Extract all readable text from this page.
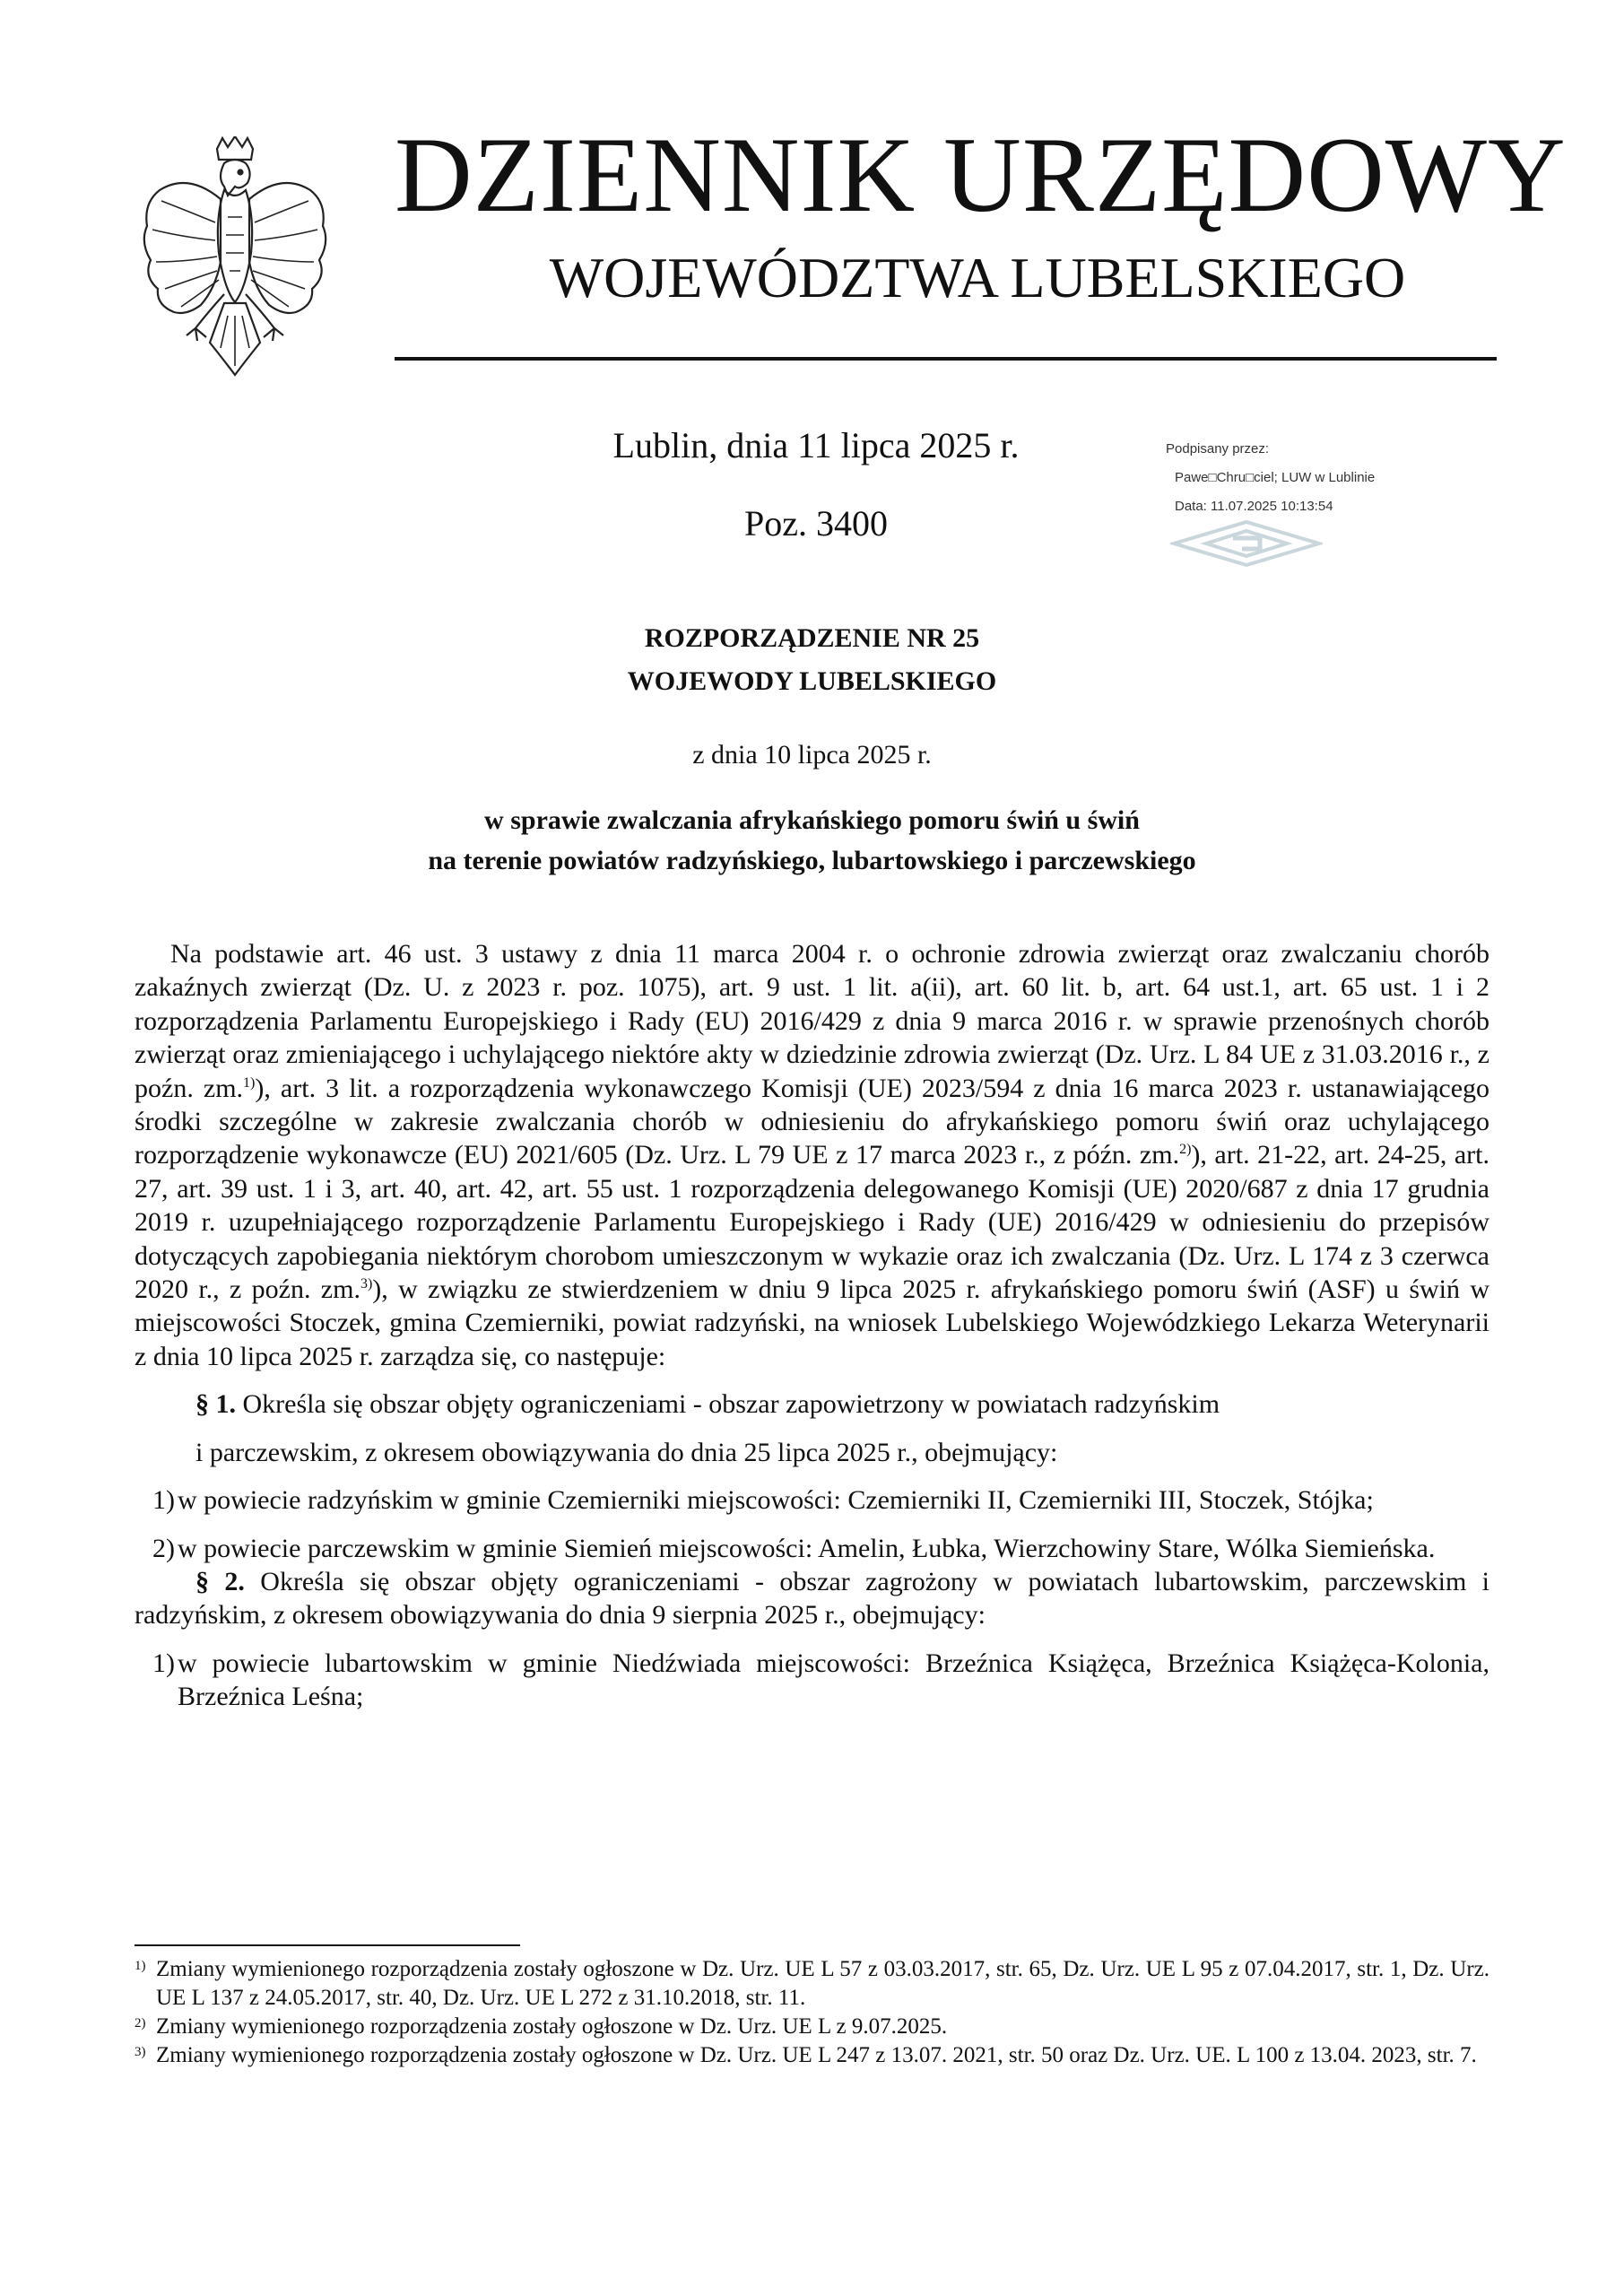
DZIENNIK URZĘDOWY
WOJEWÓDZTWA LUBELSKIEGO
Lublin, dnia 11 lipca 2025 r.
Poz. 3400
Podpisany przez:
Pawe□Chru□ciel; LUW w Lublinie
Data: 11.07.2025 10:13:54
ROZPORZĄDZENIE NR 25
WOJEWODY LUBELSKIEGO
z dnia 10 lipca 2025 r.
w sprawie zwalczania afrykańskiego pomoru świń u świń
na terenie powiatów radzyńskiego, lubartowskiego i parczewskiego

Na podstawie art. 46 ust. 3 ustawy z dnia 11 marca 2004 r. o ochronie zdrowia zwierząt oraz zwalczaniu chorób zakaźnych zwierząt (Dz. U. z 2023 r. poz. 1075), art. 9 ust. 1 lit. a(ii), art. 60 lit. b, art. 64 ust.1, art. 65 ust. 1 i 2 rozporządzenia Parlamentu Europejskiego i Rady (EU) 2016/429 z dnia 9 marca 2016 r. w sprawie przenośnych chorób zwierząt oraz zmieniającego i uchylającego niektóre akty w dziedzinie zdrowia zwierząt (Dz. Urz. L 84 UE z 31.03.2016 r., z poźn. zm.$^{1)}$), art. 3 lit. a rozporządzenia wykonawczego Komisji (UE) 2023/594 z dnia 16 marca 2023 r. ustanawiającego środki szczególne w zakresie zwalczania chorób w odniesieniu do afrykańskiego pomoru świń oraz uchylającego rozporządzenie wykonawcze (EU) 2021/605 (Dz. Urz. L 79 UE z 17 marca 2023 r., z późn. zm.$^{2)}$), art. 21-22, art. 24-25, art. 27, art. 39 ust. 1 i 3, art. 40, art. 42, art. 55 ust. 1 rozporządzenia delegowanego Komisji (UE) 2020/687 z dnia 17 grudnia 2019 r. uzupełniającego rozporządzenie Parlamentu Europejskiego i Rady (UE) 2016/429 w odniesieniu do przepisów dotyczących zapobiegania niektórym chorobom umieszczonym w wykazie oraz ich zwalczania (Dz. Urz. L 174 z 3 czerwca 2020 r., z poźn. zm.$^{3)}$), w związku ze stwierdzeniem w dniu 9 lipca 2025 r. afrykańskiego pomoru świń (ASF) u świń w miejscowości Stoczek, gmina Czemierniki, powiat radzyński, na wniosek Lubelskiego Wojewódzkiego Lekarza Weterynarii z dnia 10 lipca 2025 r. zarządza się, co następuje:

§ 1. Określa się obszar objęty ograniczeniami - obszar zapowietrzony w powiatach radzyńskim

i parczewskim, z okresem obowiązywania do dnia 25 lipca 2025 r., obejmujący:

1) w powiecie radzyńskim w gminie Czemierniki miejscowości: Czemierniki II, Czemierniki III, Stoczek, Stójka;
2) w powiecie parczewskim w gminie Siemień miejscowości: Amelin, Łubka, Wierzchowiny Stare, Wólka Siemieńska.

§ 2. Określa się obszar objęty ograniczeniami - obszar zagrożony w powiatach lubartowskim, parczewskim i radzyńskim, z okresem obowiązywania do dnia 9 sierpnia 2025 r., obejmujący:

1) w powiecie lubartowskim w gminie Niedźwiada miejscowości: Brzeźnica Książęca, Brzeźnica Książęca-Kolonia, Brzeźnica Leśna;
1) Zmiany wymienionego rozporządzenia zostały ogłoszone w Dz. Urz. UE L 57 z 03.03.2017, str. 65, Dz. Urz. UE L 95 z 07.04.2017, str. 1, Dz. Urz. UE L 137 z 24.05.2017, str. 40, Dz. Urz. UE L 272 z 31.10.2018, str. 11.
2) Zmiany wymienionego rozporządzenia zostały ogłoszone w Dz. Urz. UE L z 9.07.2025.
3) Zmiany wymienionego rozporządzenia zostały ogłoszone w Dz. Urz. UE L 247 z 13.07. 2021, str. 50 oraz Dz. Urz. UE. L 100 z 13.04. 2023, str. 7.
